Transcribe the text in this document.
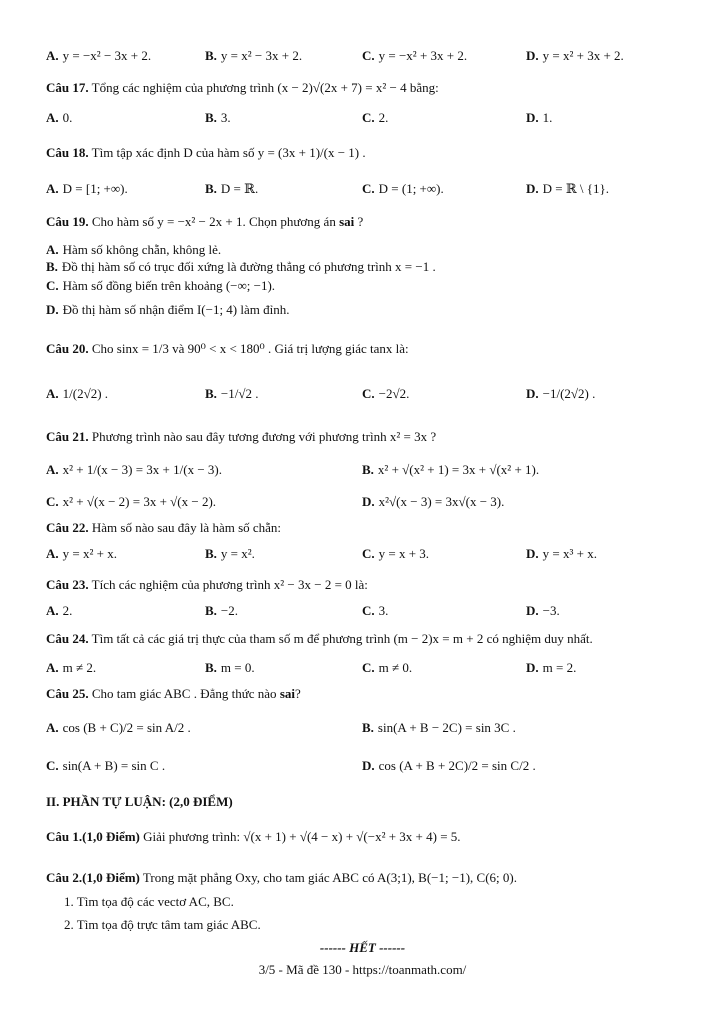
A. y = −x² − 3x + 2.	B. y = x² − 3x + 2.	C. y = −x² + 3x + 2.	D. y = x² + 3x + 2.
Câu 17. Tổng các nghiệm của phương trình (x − 2)√(2x + 7) = x² − 4 bằng:
A. 0.	B. 3.	C. 2.	D. 1.
Câu 18. Tìm tập xác định D của hàm số y = (3x + 1)/(x − 1) .
A. D = [1; +∞).	B. D = ℝ.	C. D = (1; +∞).	D. D = ℝ \ {1}.
Câu 19. Cho hàm số y = −x² − 2x + 1. Chọn phương án sai ?
A. Hàm số không chẵn, không lẻ.
B. Đồ thị hàm số có trục đối xứng là đường thẳng có phương trình x = −1 .
C. Hàm số đồng biến trên khoảng (−∞; −1).
D. Đồ thị hàm số nhận điểm I(−1; 4) làm đỉnh.
Câu 20. Cho sinx = 1/3 và 90⁰ < x < 180⁰ . Giá trị lượng giác tanx là:
A. 1/(2√2) .	B. −1/√2 .	C. −2√2.	D. −1/(2√2) .
Câu 21. Phương trình nào sau đây tương đương với phương trình x² = 3x ?
A. x² + 1/(x − 3) = 3x + 1/(x − 3).	B. x² + √(x² + 1) = 3x + √(x² + 1).
C. x² + √(x − 2) = 3x + √(x − 2).	D. x²√(x − 3) = 3x√(x − 3).
Câu 22. Hàm số nào sau đây là hàm số chẵn:
A. y = x² + x.	B. y = x².	C. y = x + 3.	D. y = x³ + x.
Câu 23. Tích các nghiệm của phương trình x² − 3x − 2 = 0 là:
A. 2.	B. −2.	C. 3.	D. −3.
Câu 24. Tìm tất cả các giá trị thực của tham số m để phương trình (m − 2)x = m + 2 có nghiệm duy nhất.
A. m ≠ 2.	B. m = 0.	C. m ≠ 0.	D. m = 2.
Câu 25. Cho tam giác ABC . Đẳng thức nào sai?
A. cos (B + C)/2 = sin A/2 .	B. sin(A + B − 2C) = sin 3C .
C. sin(A + B) = sin C .	D. cos (A + B + 2C)/2 = sin C/2 .
II. PHẦN TỰ LUẬN: (2,0 ĐIỂM)
Câu 1.(1,0 Điểm) Giải phương trình: √(x + 1) + √(4 − x) + √(−x² + 3x + 4) = 5.
Câu 2.(1,0 Điểm) Trong mặt phẳng Oxy, cho tam giác ABC có A(3;1), B(−1; −1), C(6; 0).
1. Tìm tọa độ các vectơ AC, BC.
2. Tìm tọa độ trực tâm tam giác ABC.
------ HẾT ------
3/5 - Mã đề 130 - https://toanmath.com/
